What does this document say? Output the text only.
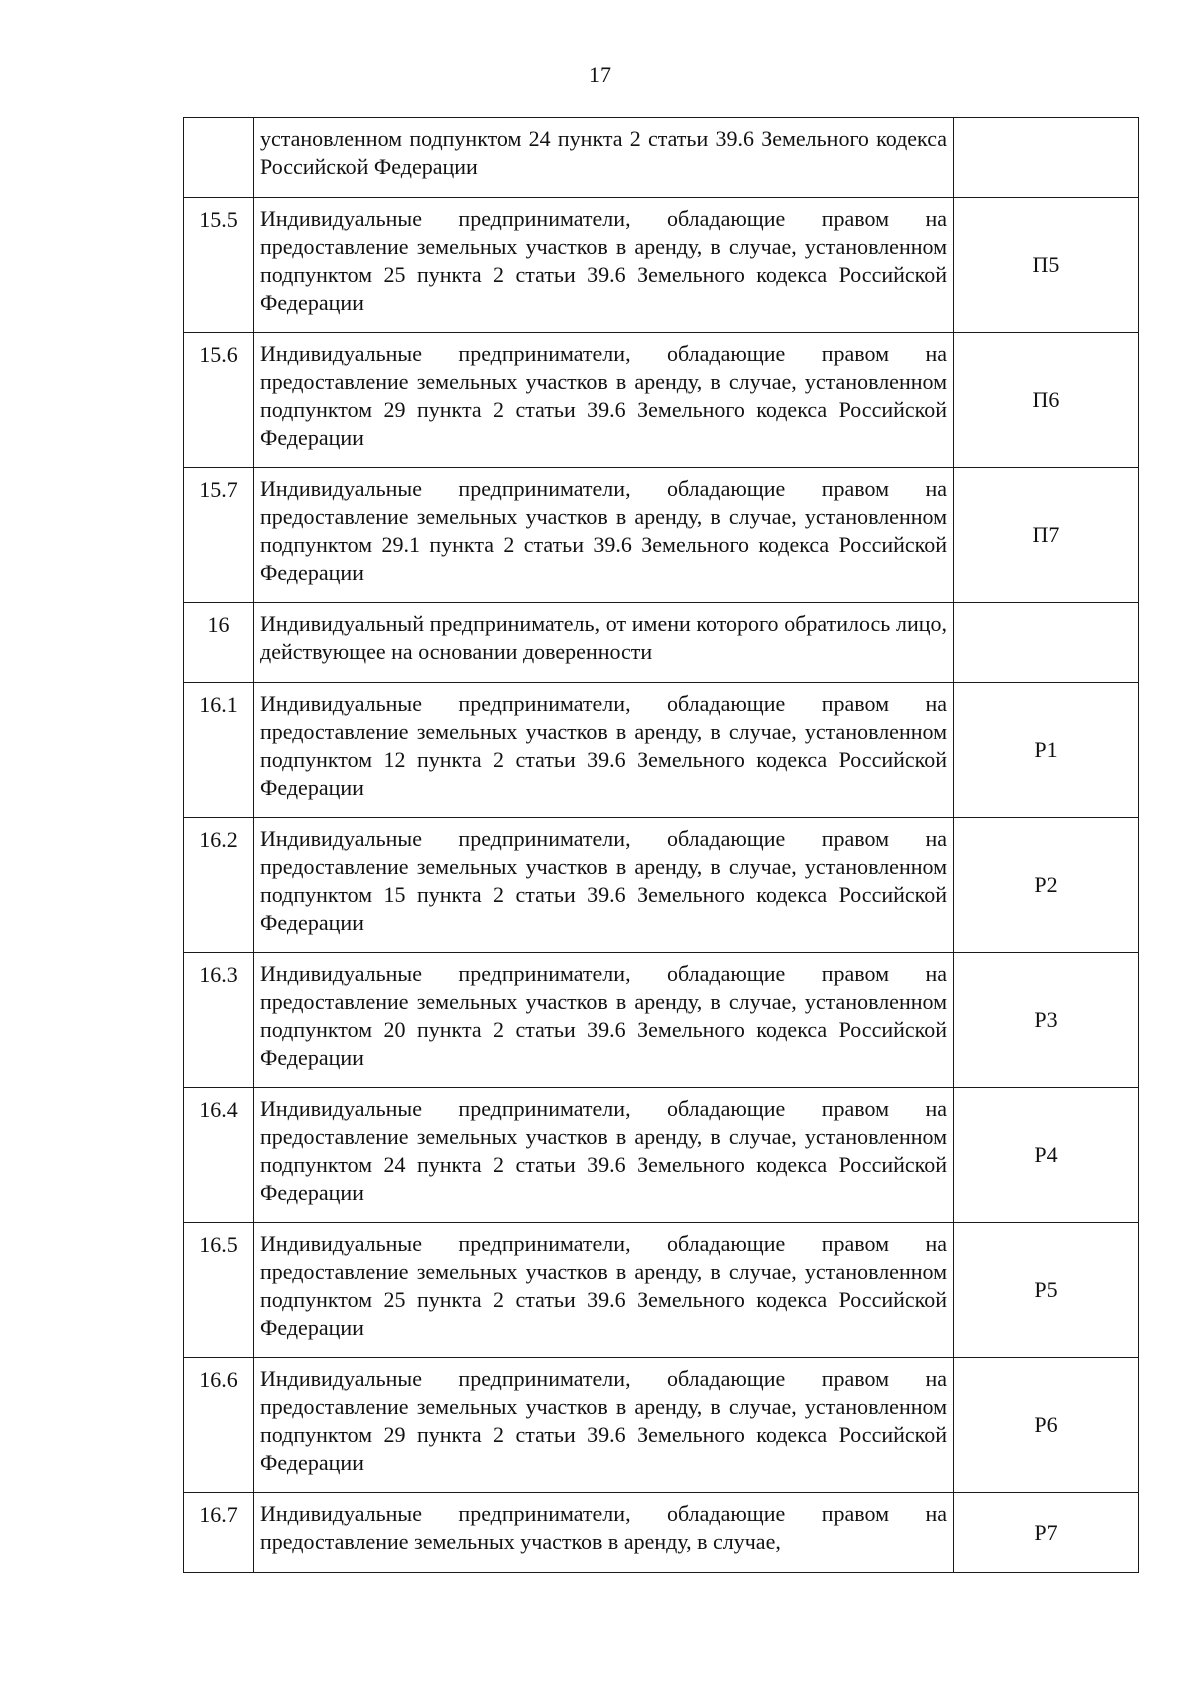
17
	установленном подпунктом 24 пункта 2 статьи 39.6 Земельного кодекса Российской Федерации	
15.5	Индивидуальные предприниматели, обладающие правом на предоставление земельных участков в аренду, в случае, установленном подпунктом 25 пункта 2 статьи 39.6 Земельного кодекса Российской Федерации	П5
15.6	Индивидуальные предприниматели, обладающие правом на предоставление земельных участков в аренду, в случае, установленном подпунктом 29 пункта 2 статьи 39.6 Земельного кодекса Российской Федерации	П6
15.7	Индивидуальные предприниматели, обладающие правом на предоставление земельных участков в аренду, в случае, установленном подпунктом 29.1 пункта 2 статьи 39.6 Земельного кодекса Российской Федерации	П7
16	Индивидуальный предприниматель, от имени которого обратилось лицо, действующее на основании доверенности	
16.1	Индивидуальные предприниматели, обладающие правом на предоставление земельных участков в аренду, в случае, установленном подпунктом 12 пункта 2 статьи 39.6 Земельного кодекса Российской Федерации	Р1
16.2	Индивидуальные предприниматели, обладающие правом на предоставление земельных участков в аренду, в случае, установленном подпунктом 15 пункта 2 статьи 39.6 Земельного кодекса Российской Федерации	Р2
16.3	Индивидуальные предприниматели, обладающие правом на предоставление земельных участков в аренду, в случае, установленном подпунктом 20 пункта 2 статьи 39.6 Земельного кодекса Российской Федерации	Р3
16.4	Индивидуальные предприниматели, обладающие правом на предоставление земельных участков в аренду, в случае, установленном подпунктом 24 пункта 2 статьи 39.6 Земельного кодекса Российской Федерации	Р4
16.5	Индивидуальные предприниматели, обладающие правом на предоставление земельных участков в аренду, в случае, установленном подпунктом 25 пункта 2 статьи 39.6 Земельного кодекса Российской Федерации	Р5
16.6	Индивидуальные предприниматели, обладающие правом на предоставление земельных участков в аренду, в случае, установленном подпунктом 29 пункта 2 статьи 39.6 Земельного кодекса Российской Федерации	Р6
16.7	Индивидуальные предприниматели, обладающие правом на предоставление земельных участков в аренду, в случае,	Р7
